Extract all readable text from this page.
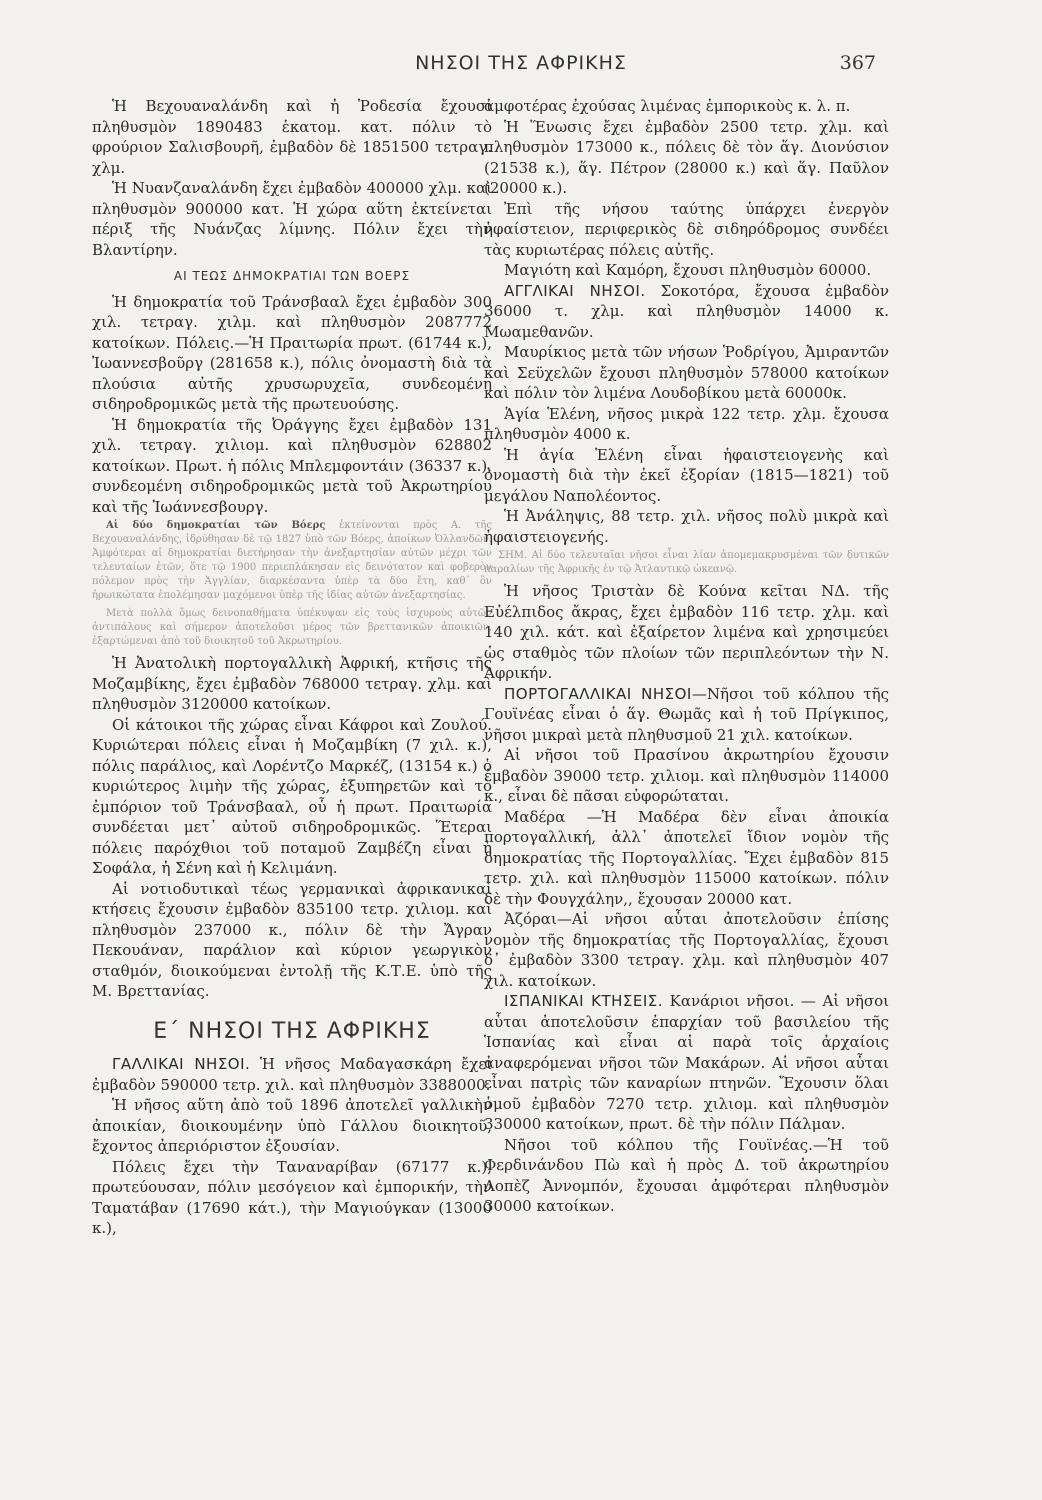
ΝΗΣΟΙ ΤΗΣ ΑΦΡΙΚΗΣ	367

Ἡ Βεχουαναλάνδη καὶ ἡ Ῥοδεσία ἔχουσι πληθυσμὸν 1890483 ἑκατομ. κατ. πόλιν τὸ φρούριον Σαλισβουρῆ, ἐμβαδὸν δὲ 1851500 τετραγ. χλμ.

Ἡ Νυανζαναλάνδη ἔχει ἐμβαδὸν 400000 χλμ. καὶ πληθυσμὸν 900000 κατ. Ἡ χώρα αὕτη ἐκτείνεται πέριξ τῆς Νυάνζας λίμνης. Πόλιν ἔχει τὴν Βλαντίρην.

ΑΙ ΤΕΩΣ ΔΗΜΟΚΡΑΤΙΑΙ ΤΩΝ ΒΟΕΡΣ

Ἡ δημοκρατία τοῦ Τράνσβααλ ἔχει ἐμβαδὸν 300 χιλ. τετραγ. χιλμ. καὶ πληθυσμὸν 2087772 κατοίκων. Πόλεις.—Ἡ Πραιτωρία πρωτ. (61744 κ.), Ἰωαννεσβοῦργ (281658 κ.), πόλις ὀνομαστὴ διὰ τὰ πλούσια αὐτῆς χρυσωρυχεῖα, συνδεομένη σιδηροδρομικῶς μετὰ τῆς πρωτευούσης.

Ἡ δημοκρατία τῆς Ὀράγγης ἔχει ἐμβαδὸν 131 χιλ. τετραγ. χιλιομ. καὶ πληθυσμὸν 628802 κατοίκων. Πρωτ. ἡ πόλις Μπλεμφοντάιν (36337 κ.), συνδεομένη σιδηροδρομικῶς μετὰ τοῦ Ἀκρωτηρίου καὶ τῆς Ἰωάννεσβουργ.

Αἱ δύο δημοκρατίαι τῶν Βόερς ἐκτείνονται πρὸς Α. τῆς Βεχουαναλάνδης, ἱδρύθησαν δὲ τῷ 1827 ὑπὸ τῶν Βόερς, ἀποίκων Ὀλλανδῶν. Ἀμφότεραι αἱ δημοκρατίαι διετήρησαν τὴν ἀνεξαρτησίαν αὐτῶν μέχρι τῶν τελευταίων ἐτῶν, ὅτε τῷ 1900 περιεπλάκησαν εἰς δεινότατον καὶ φοβερὸν πόλεμον πρὸς τὴν Ἀγγλίαν, διαρκέσαντα ὑπὲρ τὰ δύο ἔτη, καθ᾽ ὃν ἡρωικώτατα ἐπολέμησαν μαχόμενοι ὑπὲρ τῆς ἰδίας αὐτῶν ἀνεξαρτησίας.
Μετὰ πολλὰ ὅμως δεινοπαθήματα ὑπέκυψαν εἰς τοὺς ἰσχυροὺς αὐτῶν ἀντιπάλους καὶ σήμερον ἀποτελοῦσι μέρος τῶν βρεττανικῶν ἀποικιῶν, ἐξαρτώμεναι ἀπὸ τοῦ διοικητοῦ τοῦ Ἀκρωτηρίου.

Ἡ Ἀνατολικὴ πορτογαλλικὴ Ἀφρική, κτῆσις τῆς Μοζαμβίκης, ἔχει ἐμβαδὸν 768000 τετραγ. χλμ. καὶ πληθυσμὸν 3120000 κατοίκων.

Οἱ κάτοικοι τῆς χώρας εἶναι Κάφροι καὶ Ζουλού. Κυριώτεραι πόλεις εἶναι ἡ Μοζαμβίκη (7 χιλ. κ.), πόλις παράλιος, καὶ Λορέντζο Μαρκέζ, (13154 κ.) ὁ κυριώτερος λιμὴν τῆς χώρας, ἐξυπηρετῶν καὶ τὸ ἐμπόριον τοῦ Τράνσβααλ, οὗ ἡ πρωτ. Πραιτωρία συνδέεται μετ᾽ αὐτοῦ σιδηροδρομικῶς. Ἕτεραι πόλεις παρόχθιοι τοῦ ποταμοῦ Ζαμβέζη εἶναι ἡ Σοφάλα, ἡ Σένη καὶ ἡ Κελιμάνη.

Αἱ νοτιοδυτικαὶ τέως γερμανικαὶ ἀφρικανικαὶ κτήσεις ἔχουσιν ἐμβαδὸν 835100 τετρ. χιλιομ. καὶ πληθυσμὸν 237000 κ., πόλιν δὲ τὴν Ἄγραν Πεκουάναν, παράλιον καὶ κύριον γεωργικὸν σταθμόν, διοικούμεναι ἐντολῇ τῆς Κ.Τ.Ε. ὑπὸ τῆς Μ. Βρεττανίας.

Ε΄ ΝΗΣΟΙ ΤΗΣ ΑΦΡΙΚΗΣ

ΓΑΛΛΙΚΑΙ ΝΗΣΟΙ. Ἡ νῆσος Μαδαγασκάρη ἔχει ἐμβαδὸν 590000 τετρ. χιλ. καὶ πληθυσμὸν 3388000.

Ἡ νῆσος αὕτη ἀπὸ τοῦ 1896 ἀποτελεῖ γαλλικὴν ἀποικίαν, διοικουμένην ὑπὸ Γάλλου διοικητοῦ, ἔχοντος ἀπεριόριστον ἐξουσίαν.

Πόλεις ἔχει τὴν Ταναναρίβαν (67177 κ.), πρωτεύουσαν, πόλιν μεσόγειον καὶ ἐμπορικήν, τὴν Ταματάβαν (17690 κάτ.), τὴν Μαγιούγκαν (13000 κ.),

ἀμφοτέρας ἐχούσας λιμένας ἐμπορικοὺς κ. λ. π.

Ἡ Ἕνωσις ἔχει ἐμβαδὸν 2500 τετρ. χλμ. καὶ πληθυσμὸν 173000 κ., πόλεις δὲ τὸν ἅγ. Διονύσιον (21538 κ.), ἅγ. Πέτρον (28000 κ.) καὶ ἅγ. Παῦλον (20000 κ.).

Ἐπὶ τῆς νήσου ταύτης ὑπάρχει ἐνεργὸν ἡφαίστειον, περιφερικὸς δὲ σιδηρόδρομος συνδέει τὰς κυριωτέρας πόλεις αὐτῆς.

Μαγιότη καὶ Καμόρη, ἔχουσι πληθυσμὸν 60000.

ΑΓΓΛΙΚΑΙ ΝΗΣΟΙ. Σοκοτόρα, ἔχουσα ἐμβαδὸν 36000 τ. χλμ. καὶ πληθυσμὸν 14000 κ. Μωαμεθανῶν.

Μαυρίκιος μετὰ τῶν νήσων Ῥοδρίγου, Ἀμιραντῶν καὶ Σεϋχελῶν ἔχουσι πληθυσμὸν 578000 κατοίκων καὶ πόλιν τὸν λιμένα Λουδοβίκου μετὰ 60000κ.

Ἁγία Ἑλένη, νῆσος μικρὰ 122 τετρ. χλμ. ἔχουσα πληθυσμὸν 4000 κ.

Ἡ ἁγία Ἑλένη εἶναι ἡφαιστειογενὴς καὶ ὀνομαστὴ διὰ τὴν ἐκεῖ ἐξορίαν (1815—1821) τοῦ μεγάλου Ναπολέοντος.

Ἡ Ἀνάληψις, 88 τετρ. χιλ. νῆσος πολὺ μικρὰ καὶ ἡφαιστειογενής.

ΣΗΜ. Αἱ δύο τελευταῖαι νῆσοι εἶναι λίαν ἀπομεμακρυσμέναι τῶν δυτικῶν παραλίων τῆς Ἀφρικῆς ἐν τῷ Ἀτλαντικῷ ὠκεανῷ.

Ἡ νῆσος Τριστὰν δὲ Κούνα κεῖται ΝΔ. τῆς Εὐέλπιδος ἄκρας, ἔχει ἐμβαδὸν 116 τετρ. χλμ. καὶ 140 χιλ. κάτ. καὶ ἐξαίρετον λιμένα καὶ χρησιμεύει ὡς σταθμὸς τῶν πλοίων τῶν περιπλεόντων τὴν Ν. Ἀφρικήν.

ΠΟΡΤΟΓΑΛΛΙΚΑΙ ΝΗΣΟΙ—Νῆσοι τοῦ κόλπου τῆς Γουϊνέας εἶναι ὁ ἅγ. Θωμᾶς καὶ ἡ τοῦ Πρίγκιπος, νῆσοι μικραὶ μετὰ πληθυσμοῦ 21 χιλ. κατοίκων.

Αἱ νῆσοι τοῦ Πρασίνου ἀκρωτηρίου ἔχουσιν ἐμβαδὸν 39000 τετρ. χιλιομ. καὶ πληθυσμὸν 114000 κ., εἶναι δὲ πᾶσαι εὐφορώταται.

Μαδέρα —Ἡ Μαδέρα δὲν εἶναι ἀποικία πορτογαλλική, ἀλλ᾽ ἀποτελεῖ ἴδιον νομὸν τῆς δημοκρατίας τῆς Πορτογαλλίας. Ἔχει ἐμβαδὸν 815 τετρ. χιλ. καὶ πληθυσμὸν 115000 κατοίκων. πόλιν δὲ τὴν Φουγχάλην,, ἔχουσαν 20000 κατ.

Ἀζόραι—Αἱ νῆσοι αὗται ἀποτελοῦσιν ἐπίσης νομὸν τῆς δημοκρατίας τῆς Πορτογαλλίας, ἔχουσι δ᾽ ἐμβαδὸν 3300 τετραγ. χλμ. καὶ πληθυσμὸν 407 χιλ. κατοίκων.

ΙΣΠΑΝΙΚΑΙ ΚΤΗΣΕΙΣ. Κανάριοι νῆσοι. — Αἱ νῆσοι αὗται ἀποτελοῦσιν ἐπαρχίαν τοῦ βασιλείου τῆς Ἱσπανίας καὶ εἶναι αἱ παρὰ τοῖς ἀρχαίοις ἀναφερόμεναι νῆσοι τῶν Μακάρων. Αἱ νῆσοι αὗται εἶναι πατρὶς τῶν καναρίων πτηνῶν. Ἔχουσιν ὅλαι ὁμοῦ ἐμβαδὸν 7270 τετρ. χιλιομ. καὶ πληθυσμὸν 330000 κατοίκων, πρωτ. δὲ τὴν πόλιν Πάλμαν.

Νῆσοι τοῦ κόλπου τῆς Γουϊνέας.—Ἡ τοῦ Φερδινάνδου Πὼ καὶ ἡ πρὸς Δ. τοῦ ἀκρωτηρίου Λοπὲζ Ἀννομπόν, ἔχουσαι ἀμφότεραι πληθυσμὸν 30000 κατοίκων.
